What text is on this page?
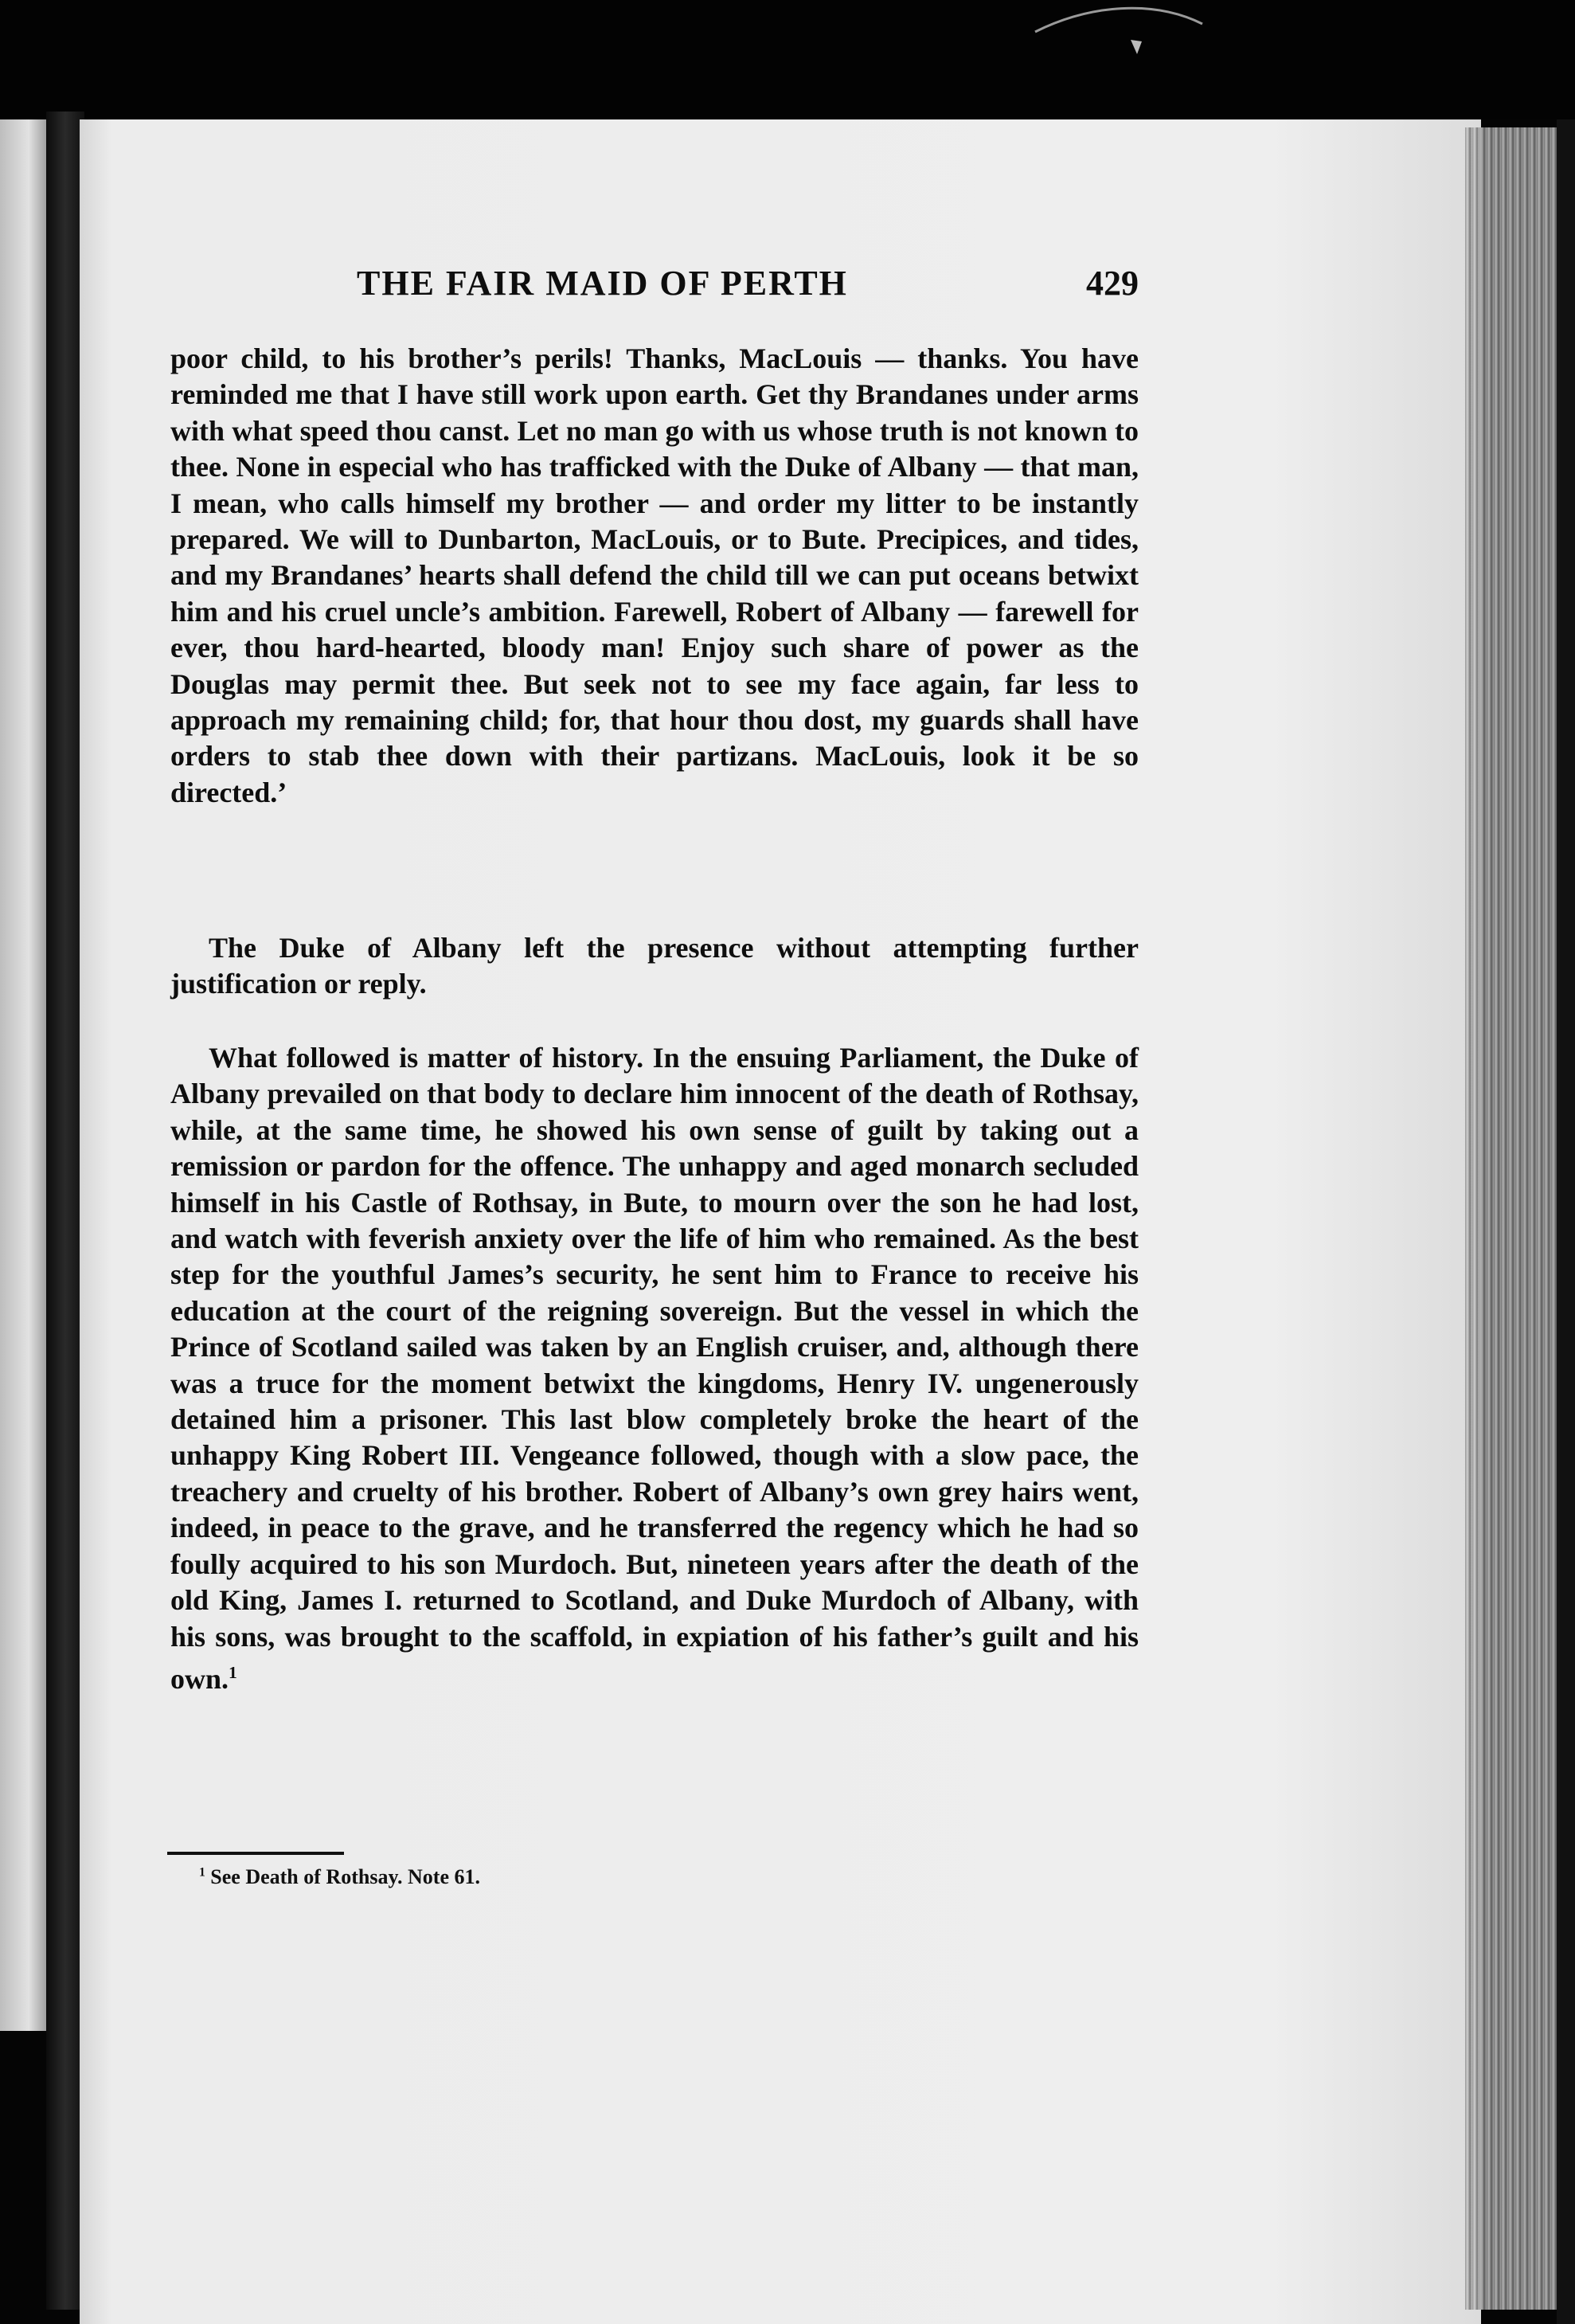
THE FAIR MAID OF PERTH	429

poor child, to his brother’s perils! Thanks, MacLouis — thanks. You have reminded me that I have still work upon earth. Get thy Brandanes under arms with what speed thou canst. Let no man go with us whose truth is not known to thee. None in especial who has trafficked with the Duke of Albany — that man, I mean, who calls himself my brother — and order my litter to be instantly prepared. We will to Dunbarton, MacLouis, or to Bute. Precipices, and tides, and my Brandanes’ hearts shall defend the child till we can put oceans betwixt him and his cruel uncle’s ambition. Farewell, Robert of Albany — farewell for ever, thou hard-hearted, bloody man! Enjoy such share of power as the Douglas may permit thee. But seek not to see my face again, far less to approach my remaining child; for, that hour thou dost, my guards shall have orders to stab thee down with their partizans. MacLouis, look it be so directed.’

The Duke of Albany left the presence without attempting further justification or reply.

What followed is matter of history. In the ensuing Parliament, the Duke of Albany prevailed on that body to declare him innocent of the death of Rothsay, while, at the same time, he showed his own sense of guilt by taking out a remission or pardon for the offence. The unhappy and aged monarch secluded himself in his Castle of Rothsay, in Bute, to mourn over the son he had lost, and watch with feverish anxiety over the life of him who remained. As the best step for the youthful James’s security, he sent him to France to receive his education at the court of the reigning sovereign. But the vessel in which the Prince of Scotland sailed was taken by an English cruiser, and, although there was a truce for the moment betwixt the kingdoms, Henry IV. ungenerously detained him a prisoner. This last blow completely broke the heart of the unhappy King Robert III. Vengeance followed, though with a slow pace, the treachery and cruelty of his brother. Robert of Albany’s own grey hairs went, indeed, in peace to the grave, and he transferred the regency which he had so foully acquired to his son Murdoch. But, nineteen years after the death of the old King, James I. returned to Scotland, and Duke Murdoch of Albany, with his sons, was brought to the scaffold, in expiation of his father’s guilt and his own.$^1$

$^1$ See Death of Rothsay. Note 61.
